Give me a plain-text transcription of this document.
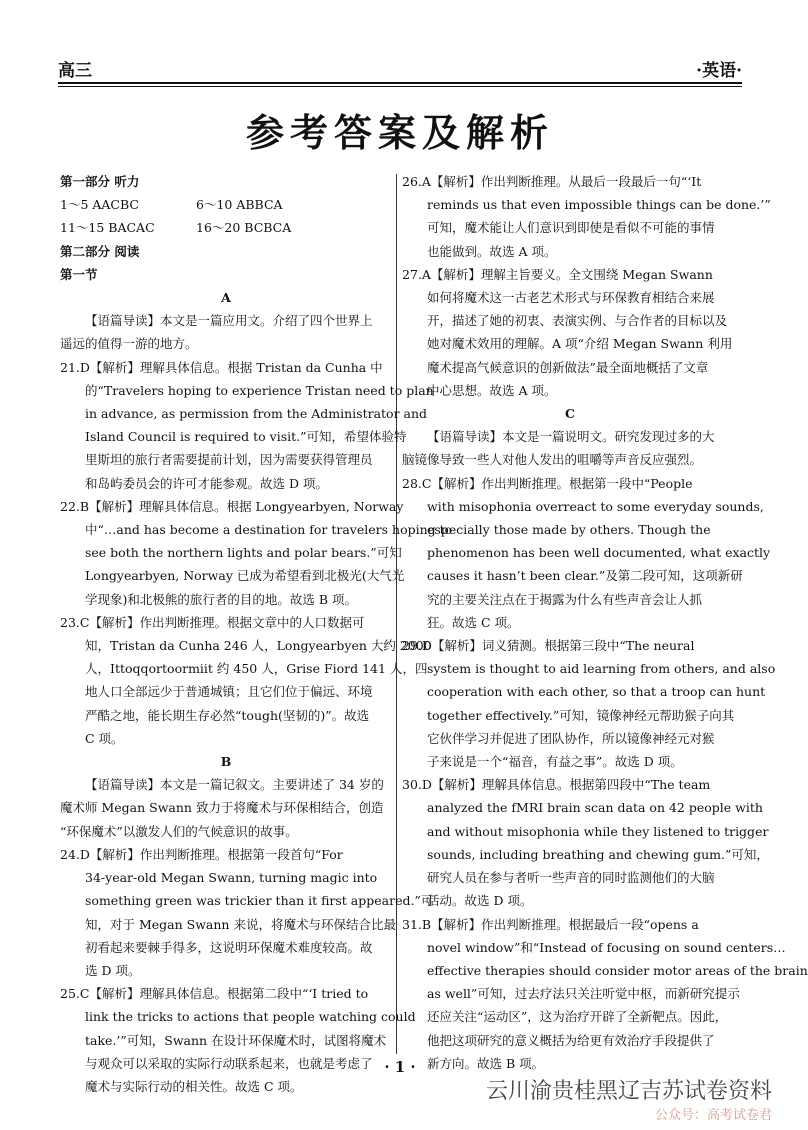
高三	·英语·
参考答案及解析
第一部分 听力
1～5 AACBC	6～10 ABBCA
11～15 BACAC	16～20 BCBCA
第二部分 阅读
第一节
A
【语篇导读】本文是一篇应用文。介绍了四个世界上
遥远的值得一游的地方。
21.D【解析】理解具体信息。根据 Tristan da Cunha 中
的“Travelers hoping to experience Tristan need to plan
in advance, as permission from the Administrator and
Island Council is required to visit.”可知，希望体验特
里斯坦的旅行者需要提前计划，因为需要获得管理员
和岛屿委员会的许可才能参观。故选 D 项。
22.B【解析】理解具体信息。根据 Longyearbyen, Norway
中“…and has become a destination for travelers hoping to
see both the northern lights and polar bears.”可知
Longyearbyen, Norway 已成为希望看到北极光(大气光
学现象)和北极熊的旅行者的目的地。故选 B 项。
23.C【解析】作出判断推理。根据文章中的人口数据可
知，Tristan da Cunha 246 人，Longyearbyen 大约 2000
人，Ittoqqortoormiit 约 450 人，Grise Fiord 141 人，四
地人口全部远少于普通城镇；且它们位于偏远、环境
严酷之地，能长期生存必然“tough(坚韧的)”。故选
C 项。
B
【语篇导读】本文是一篇记叙文。主要讲述了 34 岁的
魔术师 Megan Swann 致力于将魔术与环保相结合，创造
“环保魔术”以激发人们的气候意识的故事。
24.D【解析】作出判断推理。根据第一段首句“For
34-year-old Megan Swann, turning magic into
something green was trickier than it first appeared.”可
知，对于 Megan Swann 来说，将魔术与环保结合比最
初看起来要棘手得多，这说明环保魔术难度较高。故
选 D 项。
25.C【解析】理解具体信息。根据第二段中“‘I tried to
link the tricks to actions that people watching could
take.’”可知，Swann 在设计环保魔术时，试图将魔术
与观众可以采取的实际行动联系起来，也就是考虑了
魔术与实际行动的相关性。故选 C 项。
26.A【解析】作出判断推理。从最后一段最后一句“‘It
reminds us that even impossible things can be done.’”
可知，魔术能让人们意识到即使是看似不可能的事情
也能做到。故选 A 项。
27.A【解析】理解主旨要义。全文围绕 Megan Swann
如何将魔术这一古老艺术形式与环保教育相结合来展
开，描述了她的初衷、表演实例、与合作者的目标以及
她对魔术效用的理解。A 项“介绍 Megan Swann 利用
魔术提高气候意识的创新做法”最全面地概括了文章
中心思想。故选 A 项。
C
【语篇导读】本文是一篇说明文。研究发现过多的大
脑镜像导致一些人对他人发出的咀嚼等声音反应强烈。
28.C【解析】作出判断推理。根据第一段中“People
with misophonia overreact to some everyday sounds,
especially those made by others. Though the
phenomenon has been well documented, what exactly
causes it hasn’t been clear.”及第二段可知，这项新研
究的主要关注点在于揭露为什么有些声音会让人抓
狂。故选 C 项。
29.D【解析】词义猜测。根据第三段中“The neural
system is thought to aid learning from others, and also
cooperation with each other, so that a troop can hunt
together effectively.”可知，镜像神经元帮助猴子向其
它伙伴学习并促进了团队协作，所以镜像神经元对猴
子来说是一个“福音，有益之事”。故选 D 项。
30.D【解析】理解具体信息。根据第四段中“The team
analyzed the fMRI brain scan data on 42 people with
and without misophonia while they listened to trigger
sounds, including breathing and chewing gum.”可知，
研究人员在参与者听一些声音的同时监测他们的大脑
活动。故选 D 项。
31.B【解析】作出判断推理。根据最后一段“opens a
novel window”和“Instead of focusing on sound centers…
effective therapies should consider motor areas of the brain
as well”可知，过去疗法只关注听觉中枢，而新研究提示
还应关注“运动区”，这为治疗开辟了全新靶点。因此，
他把这项研究的意义概括为给更有效治疗手段提供了
新方向。故选 B 项。
· 1 ·
云川渝贵桂黑辽吉苏试卷资料
公众号：高考试卷君
